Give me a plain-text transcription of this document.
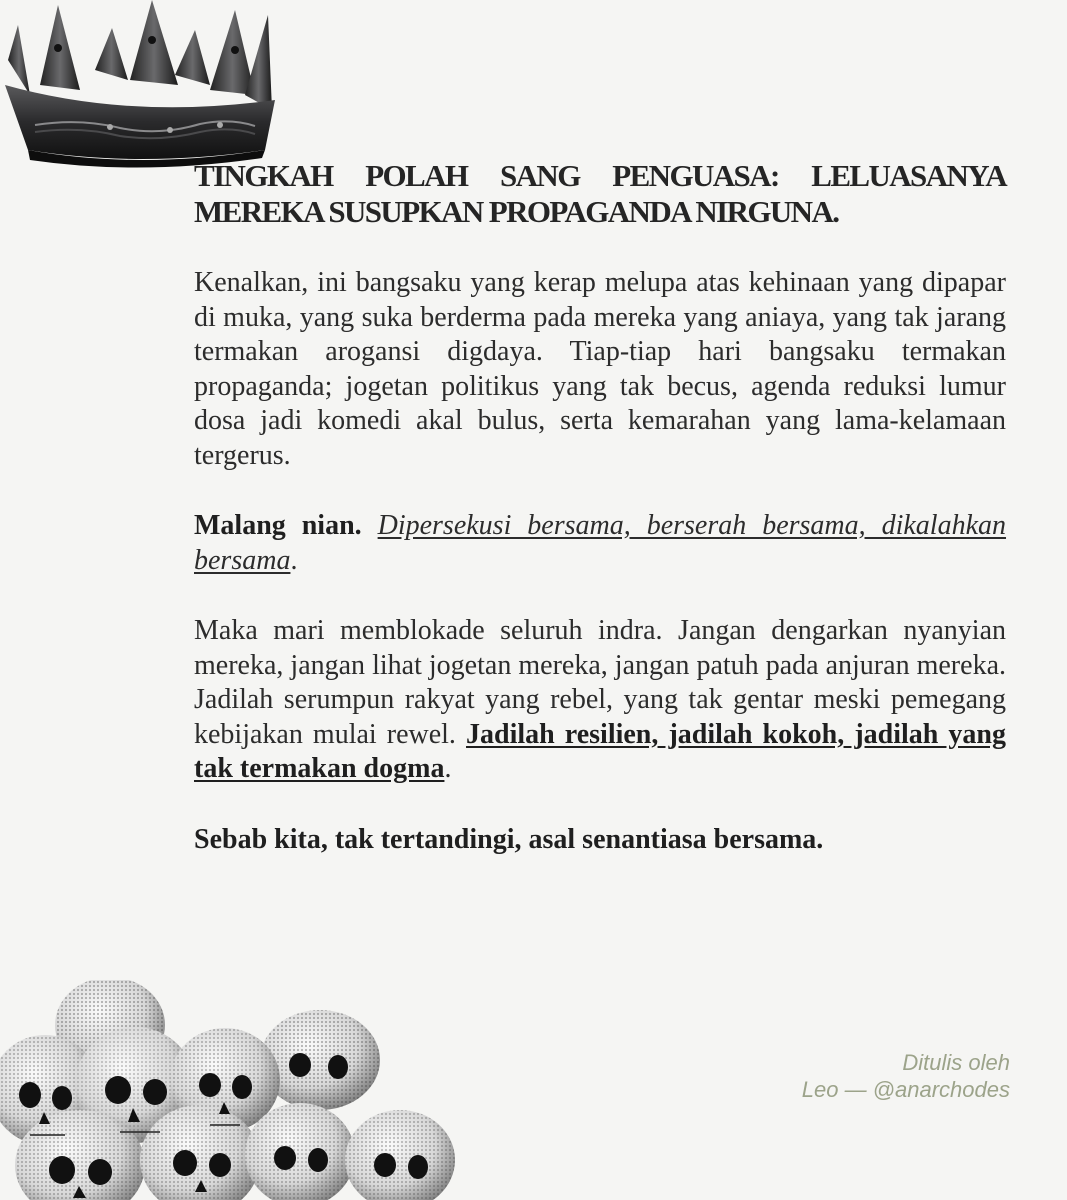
TINGKAH POLAH SANG PENGUASA: LELUASANYA
MEREKA SUSUPKAN PROPAGANDA NIRGUNA.

Kenalkan, ini bangsaku yang kerap melupa atas kehinaan yang dipapar di muka, yang suka berderma pada mereka yang aniaya, yang tak jarang termakan arogansi digdaya. Tiap-tiap hari bangsaku termakan propaganda; jogetan politikus yang tak becus, agenda reduksi lumur dosa jadi komedi akal bulus, serta kemarahan yang lama-kelamaan tergerus.

Malang nian. Dipersekusi bersama, berserah bersama, dikalahkan bersama.

Maka mari memblokade seluruh indra. Jangan dengarkan nyanyian mereka, jangan lihat jogetan mereka, jangan patuh pada anjuran mereka. Jadilah serumpun rakyat yang rebel, yang tak gentar meski pemegang kebijakan mulai rewel. Jadilah resilien, jadilah kokoh, jadilah yang tak termakan dogma.

Sebab kita, tak tertandingi, asal senantiasa bersama.

Ditulis oleh
Leo — @anarchodes
